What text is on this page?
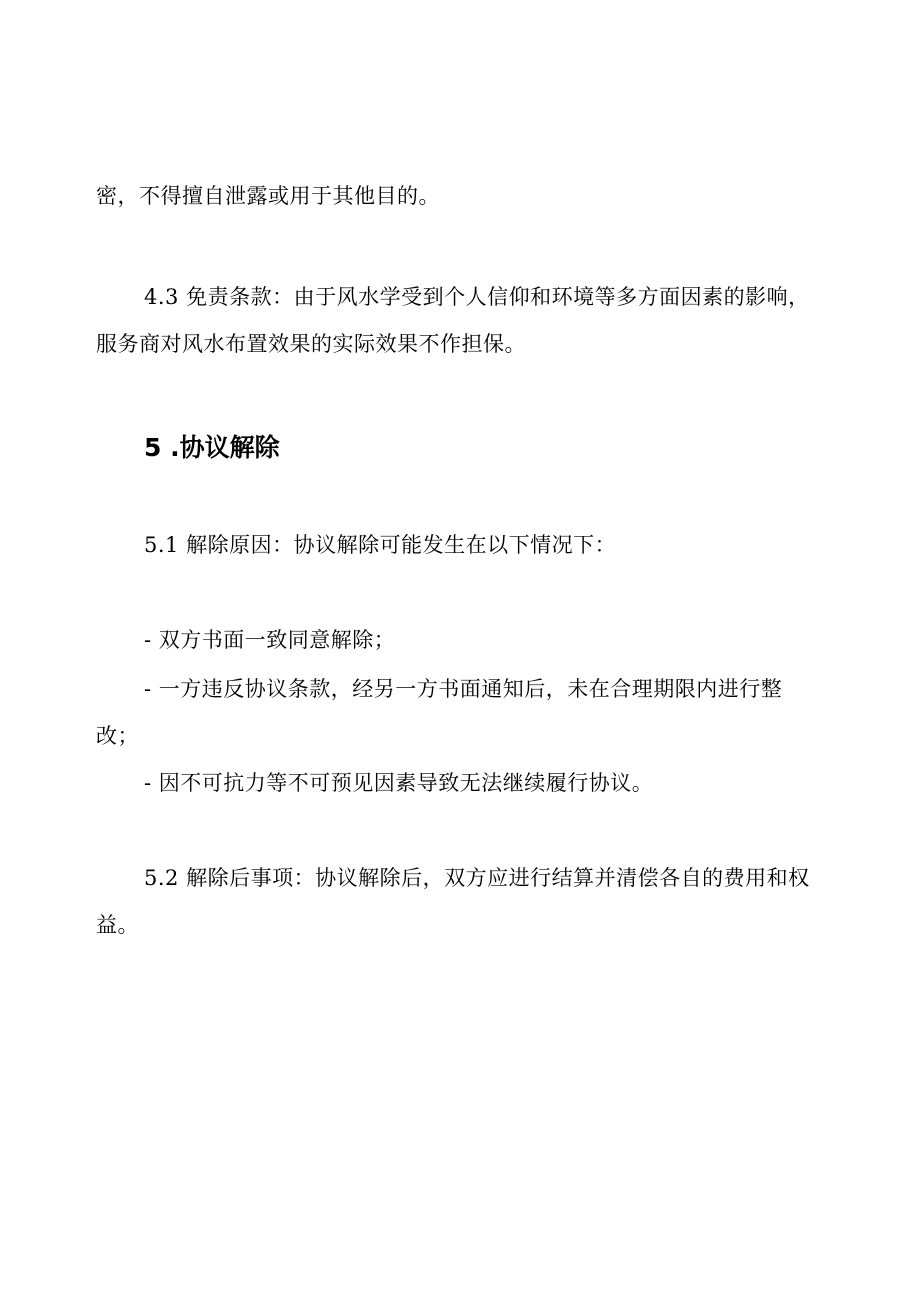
密，不得擅自泄露或用于其他目的。

4.3 免责条款：由于风水学受到个人信仰和环境等多方面因素的影响，服务商对风水布置效果的实际效果不作担保。

5 .协议解除

5.1 解除原因：协议解除可能发生在以下情况下：

- 双方书面一致同意解除；

- 一方违反协议条款，经另一方书面通知后，未在合理期限内进行整改；

- 因不可抗力等不可预见因素导致无法继续履行协议。

5.2 解除后事项：协议解除后，双方应进行结算并清偿各自的费用和权益。
